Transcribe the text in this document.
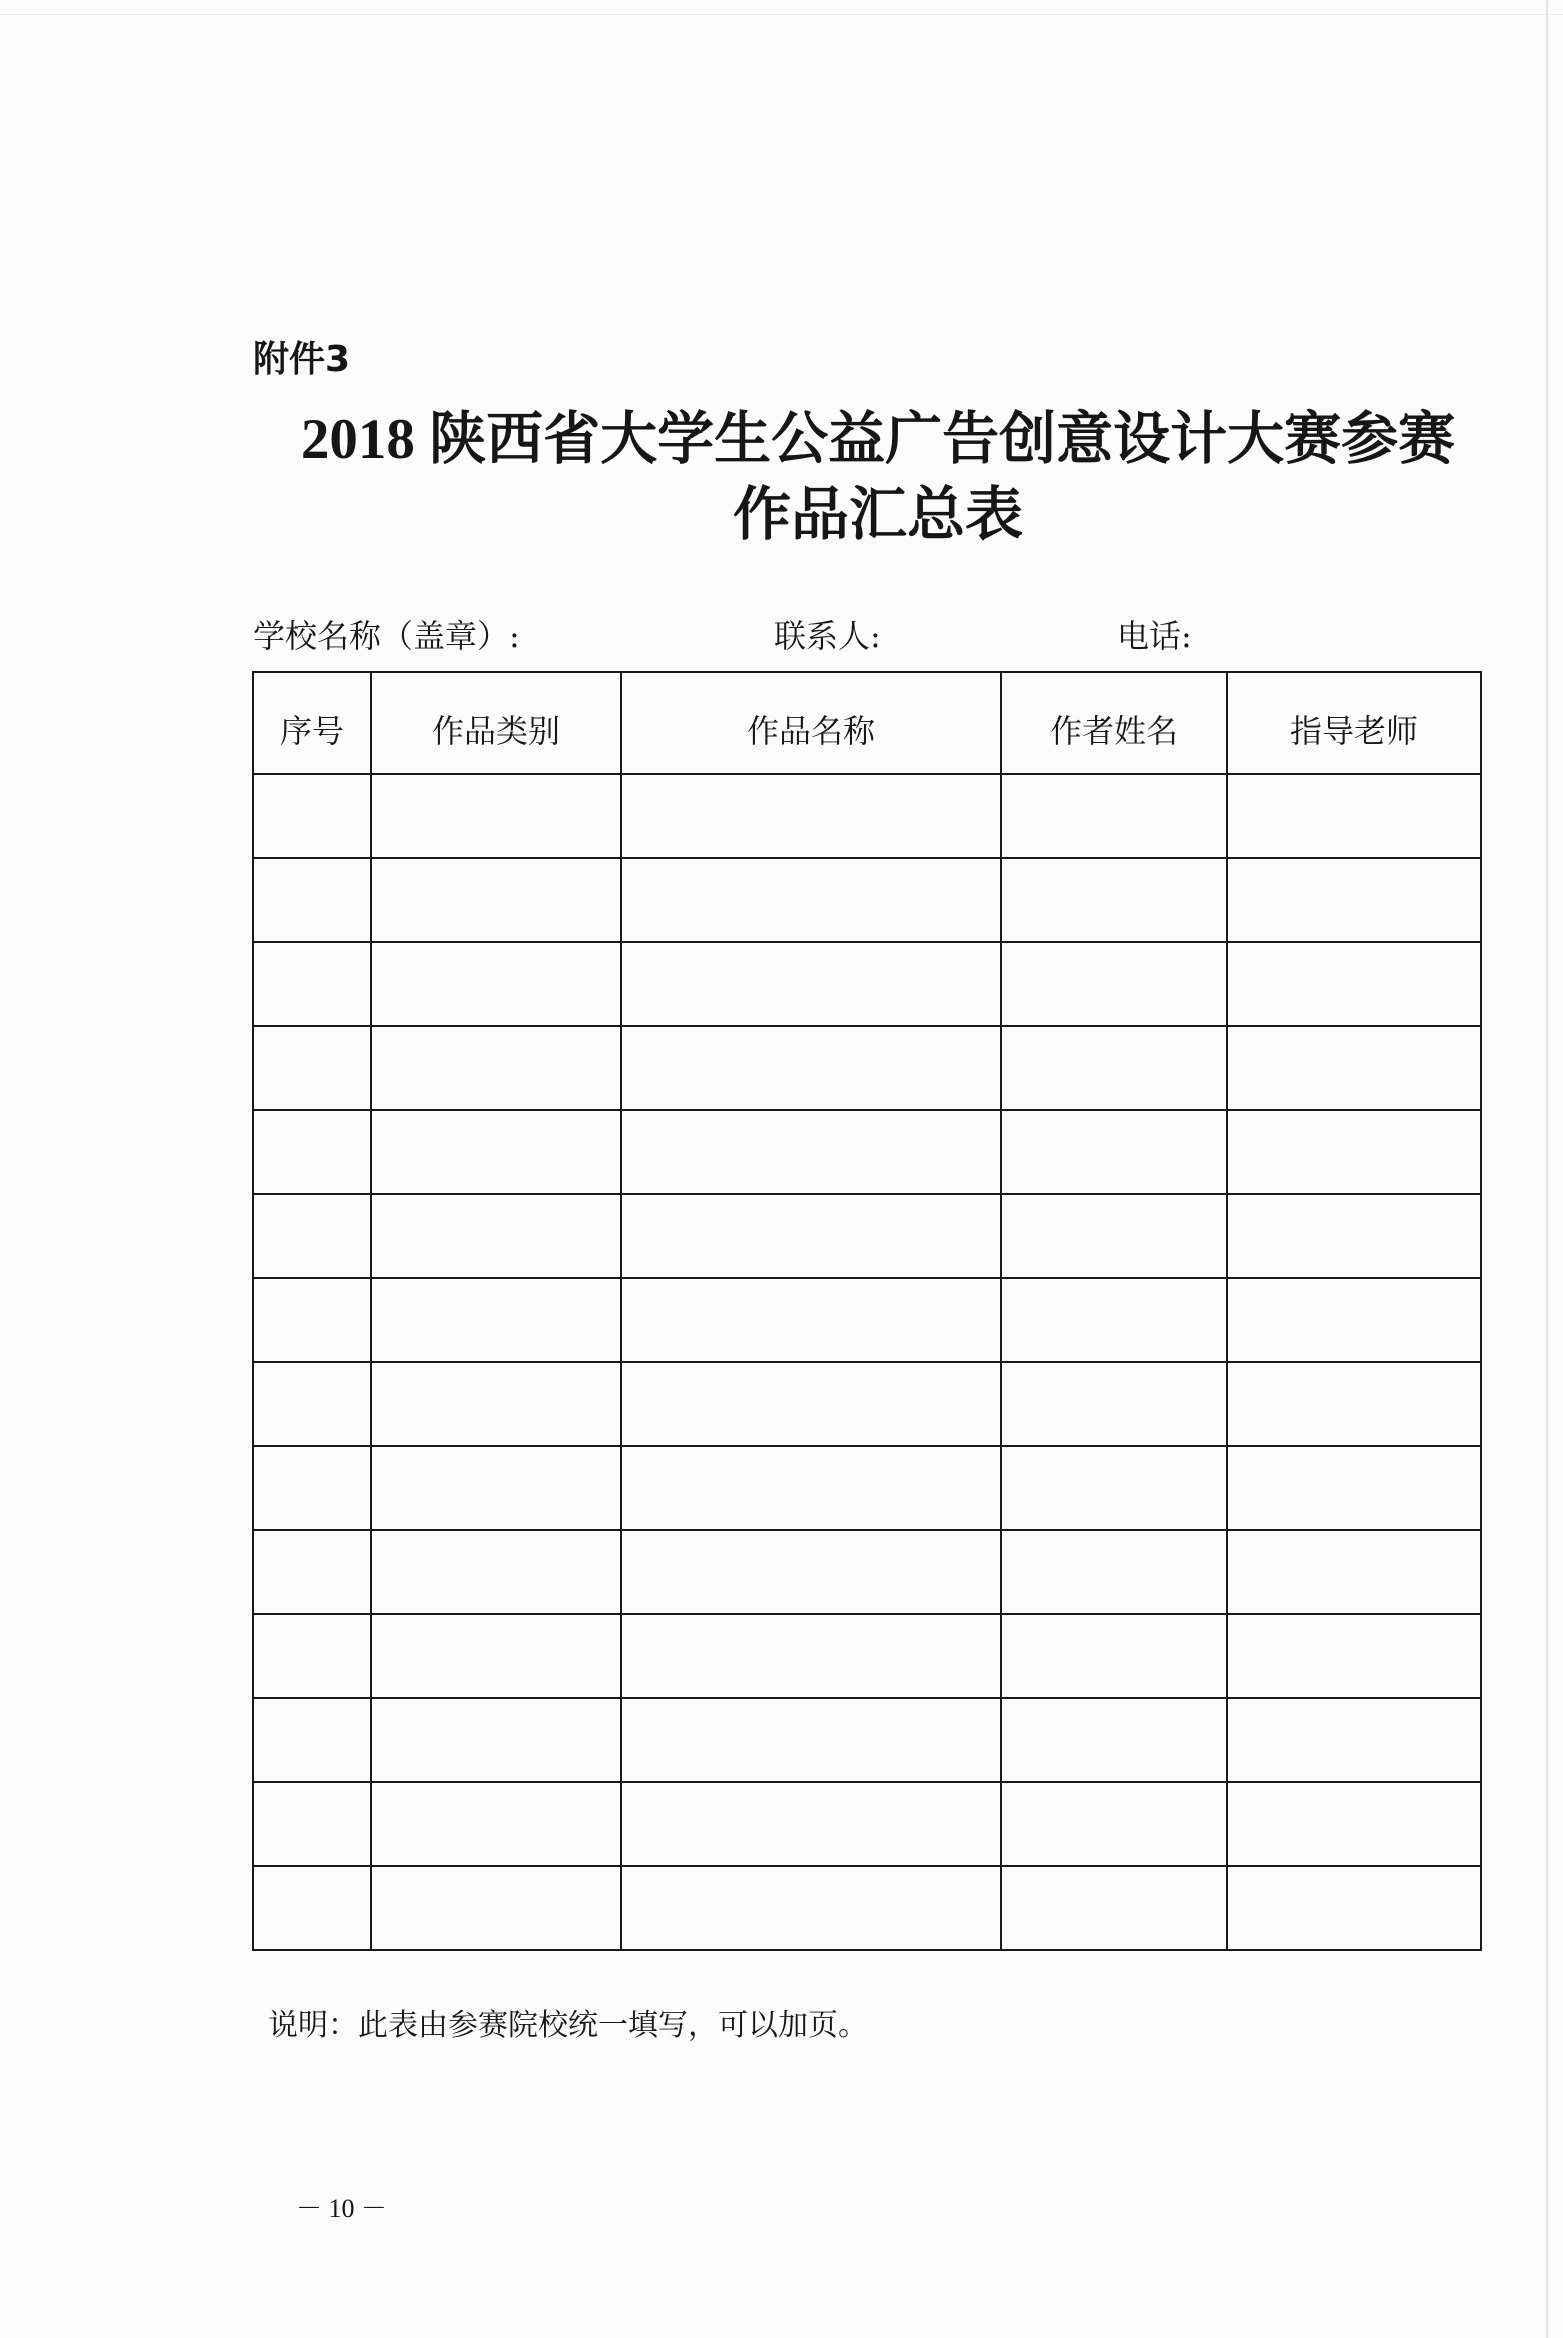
附件3
2018 陕西省大学生公益广告创意设计大赛参赛
作品汇总表
学校名称（盖章）:	联系人:	电话:
序号	作品类别	作品名称	作者姓名	指导老师

说明：此表由参赛院校统一填写，可以加页。
－ 10 －
